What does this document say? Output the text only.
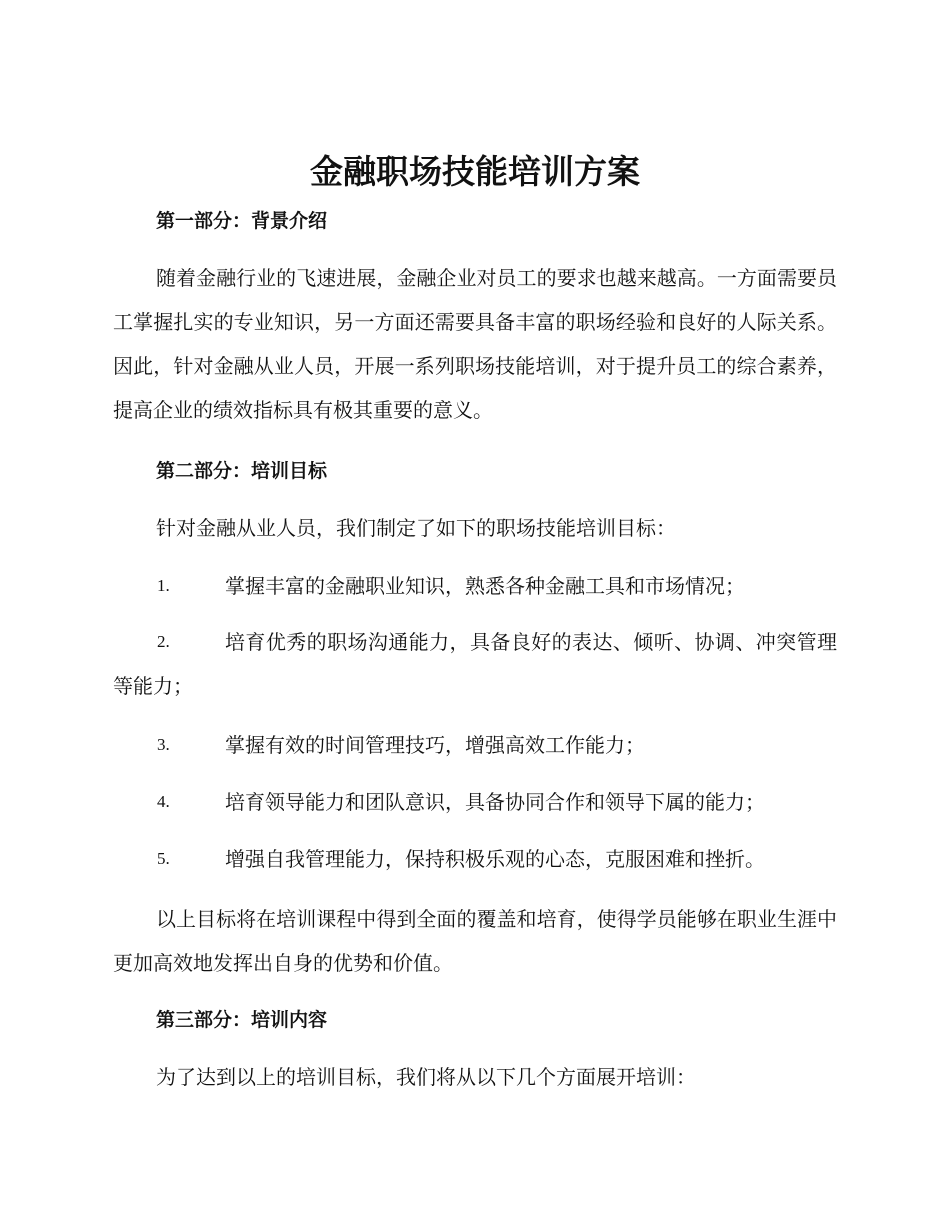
金融职场技能培训方案
第一部分：背景介绍
随着金融行业的飞速进展，金融企业对员工的要求也越来越高。一方面需要员工掌握扎实的专业知识，另一方面还需要具备丰富的职场经验和良好的人际关系。因此，针对金融从业人员，开展一系列职场技能培训，对于提升员工的综合素养，提高企业的绩效指标具有极其重要的意义。
第二部分：培训目标
针对金融从业人员，我们制定了如下的职场技能培训目标：
1.	掌握丰富的金融职业知识，熟悉各种金融工具和市场情况；
2.	培育优秀的职场沟通能力，具备良好的表达、倾听、协调、冲突管理等能力；
3.	掌握有效的时间管理技巧，增强高效工作能力；
4.	培育领导能力和团队意识，具备协同合作和领导下属的能力；
5.	增强自我管理能力，保持积极乐观的心态，克服困难和挫折。
以上目标将在培训课程中得到全面的覆盖和培育，使得学员能够在职业生涯中更加高效地发挥出自身的优势和价值。
第三部分：培训内容
为了达到以上的培训目标，我们将从以下几个方面展开培训：
